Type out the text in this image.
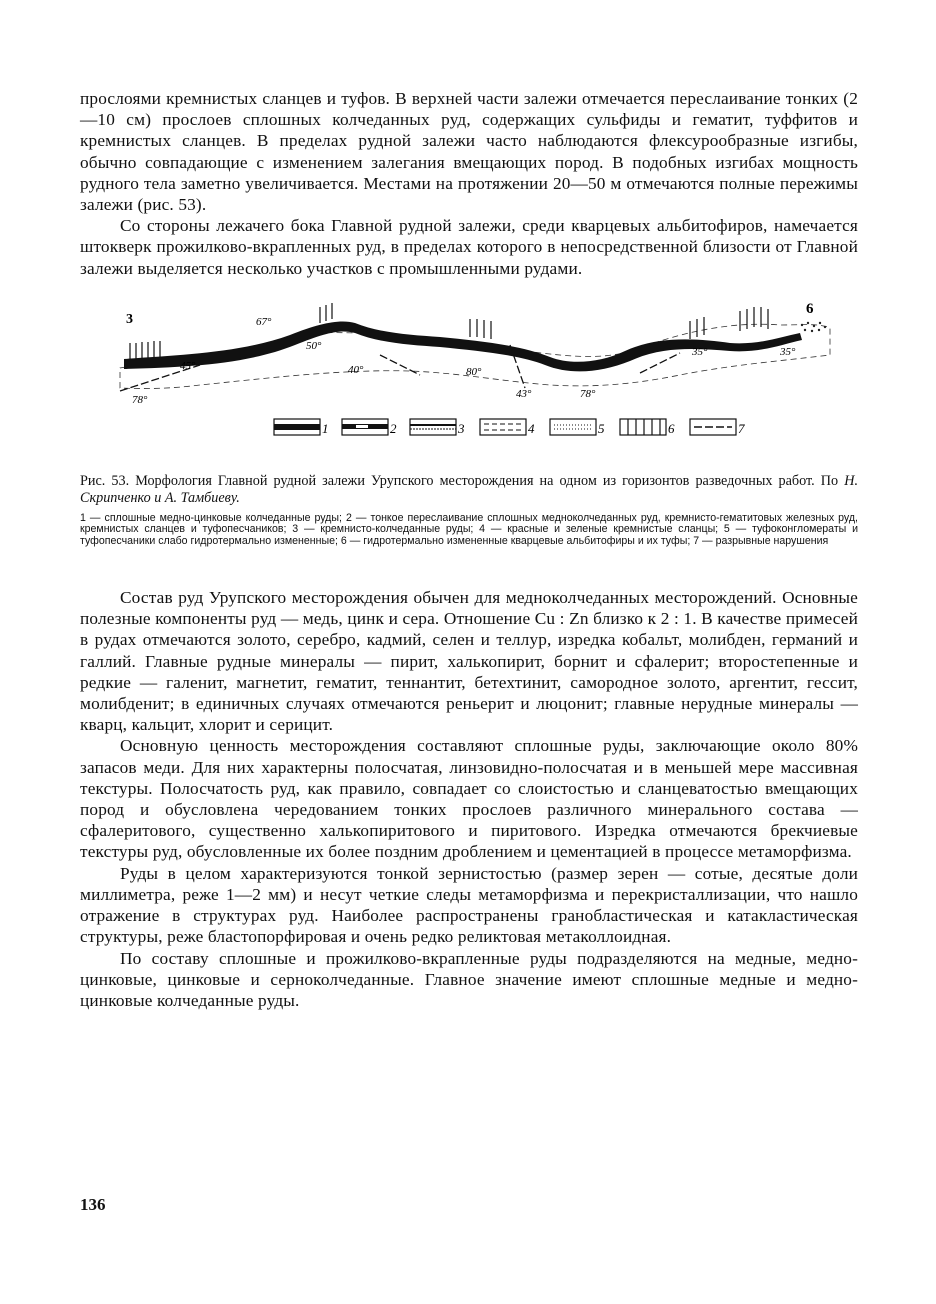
прослоями кремнистых сланцев и туфов. В верхней части залежи отмечается переслаивание тонких (2—10 см) прослоев сплошных колчеданных руд, содержащих сульфиды и гематит, туффитов и кремнистых сланцев. В пределах рудной залежи часто наблюдаются флексурообразные изгибы, обычно совпадающие с изменением залегания вмещающих пород. В подобных изгибах мощность рудного тела заметно увеличивается. Местами на протяжении 20—50 м отмечаются полные пережимы залежи (рис. 53).

Со стороны лежачего бока Главной рудной залежи, среди кварцевых альбитофиров, намечается штокверк прожилково-вкрапленных руд, в пределах которого в непосредственной близости от Главной залежи выделяется несколько участков с промышленными рудами.

3
6
67°
45°
50°
40°	80°
43°	78°
35°	35°
78°
1	2	3	4	5	6	7
Рис. 53. Морфология Главной рудной залежи Урупского месторождения на одном из горизонтов разведочных работ. По Н. Скрипченко и А. Тамбиеву.
1 — сплошные медно-цинковые колчеданные руды; 2 — тонкое переслаивание сплошных медноколчеданных руд, кремнисто-гематитовых железных руд, кремнистых сланцев и туфопесчаников; 3 — кремнисто-колчеданные руды; 4 — красные и зеленые кремнистые сланцы; 5 — туфоконгломераты и туфопесчаники слабо гидротермально измененные; 6 — гидротермально измененные кварцевые альбитофиры и их туфы; 7 — разрывные нарушения

Состав руд Урупского месторождения обычен для медноколчеданных месторождений. Основные полезные компоненты руд — медь, цинк и сера. Отношение Cu : Zn близко к 2 : 1. В качестве примесей в рудах отмечаются золото, серебро, кадмий, селен и теллур, изредка кобальт, молибден, германий и галлий. Главные рудные минералы — пирит, халькопирит, борнит и сфалерит; второстепенные и редкие — галенит, магнетит, гематит, теннантит, бетехтинит, самородное золото, аргентит, гессит, молибденит; в единичных случаях отмечаются реньерит и люцонит; главные нерудные минералы — кварц, кальцит, хлорит и серицит.

Основную ценность месторождения составляют сплошные руды, заключающие около 80% запасов меди. Для них характерны полосчатая, линзовидно-полосчатая и в меньшей мере массивная текстуры. Полосчатость руд, как правило, совпадает со слоистостью и сланцеватостью вмещающих пород и обусловлена чередованием тонких прослоев различного минерального состава — сфалеритового, существенно халькопиритового и пиритового. Изредка отмечаются брекчиевые текстуры руд, обусловленные их более поздним дроблением и цементацией в процессе метаморфизма.

Руды в целом характеризуются тонкой зернистостью (размер зерен — сотые, десятые доли миллиметра, реже 1—2 мм) и несут четкие следы метаморфизма и перекристаллизации, что нашло отражение в структурах руд. Наиболее распространены гранобластическая и катакластическая структуры, реже бластопорфировая и очень редко реликтовая метаколлоидная.

По составу сплошные и прожилково-вкрапленные руды подразделяются на медные, медно-цинковые, цинковые и серноколчеданные. Главное значение имеют сплошные медные и медно-цинковые колчеданные руды.

136
